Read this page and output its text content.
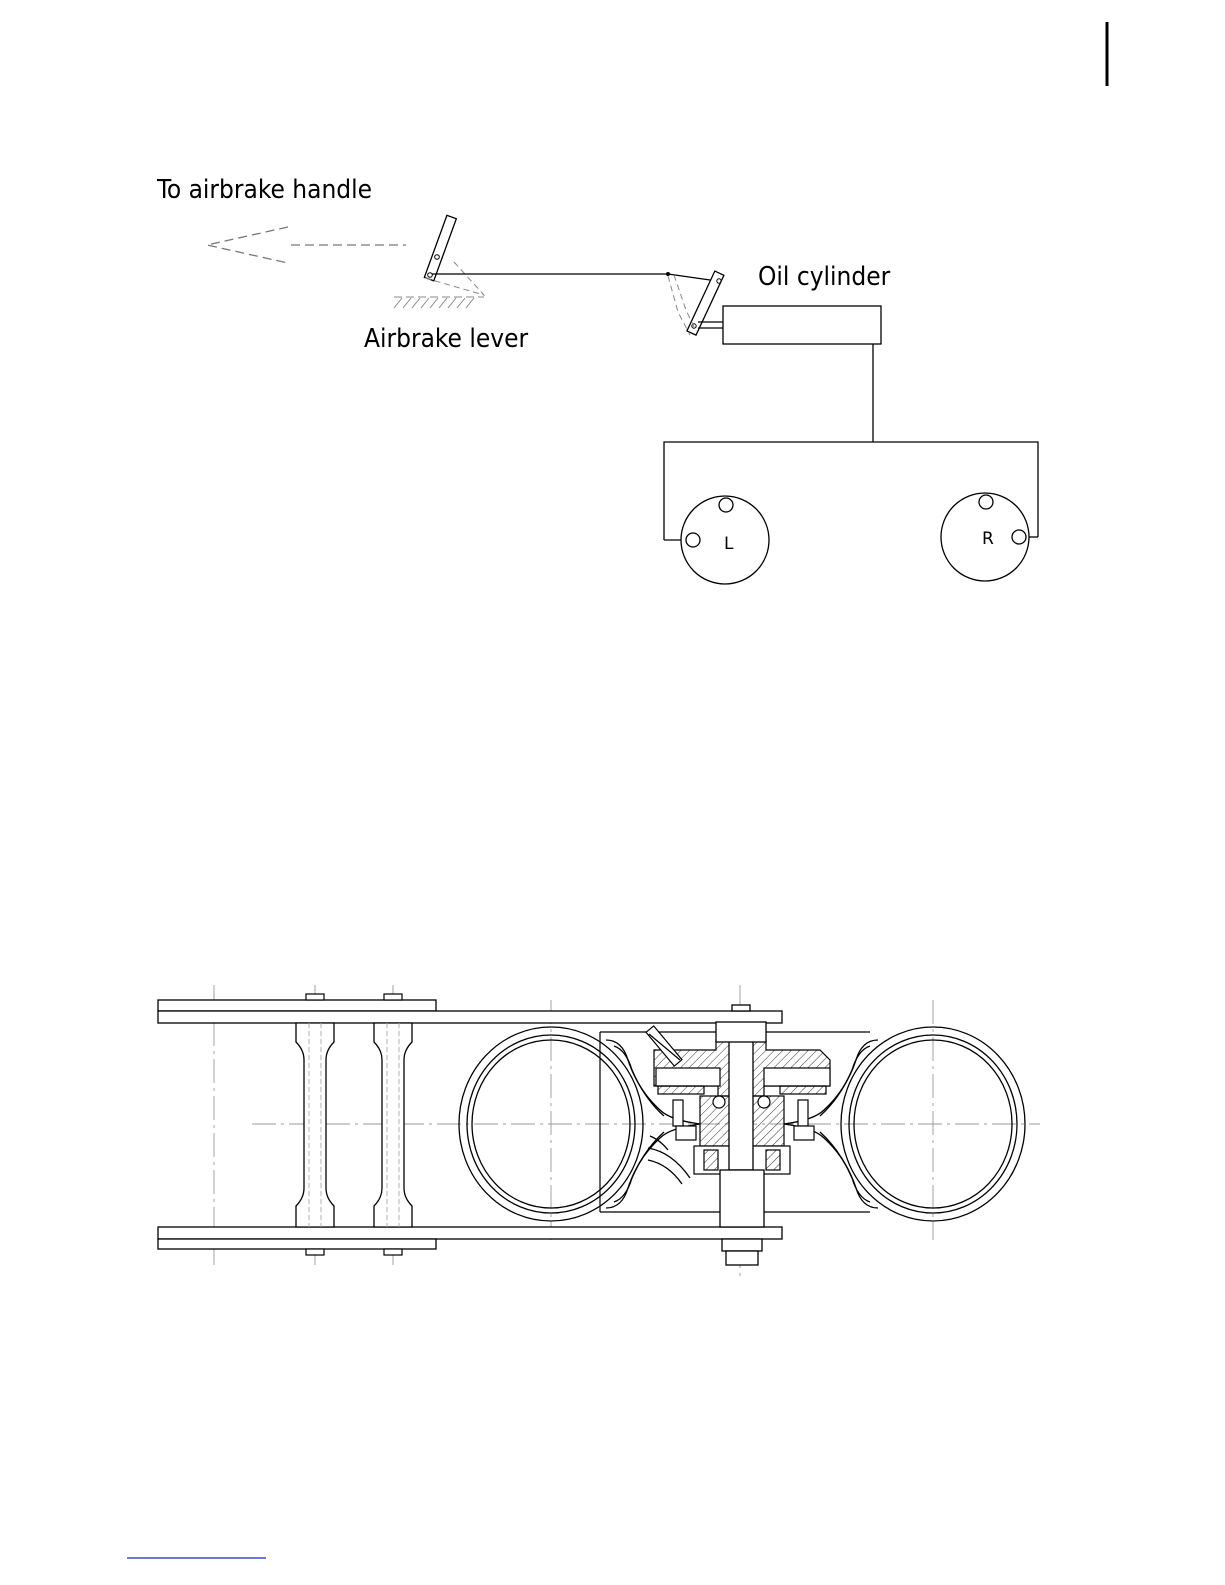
To airbrake handle
Airbrake lever
Oil cylinder
L	R
